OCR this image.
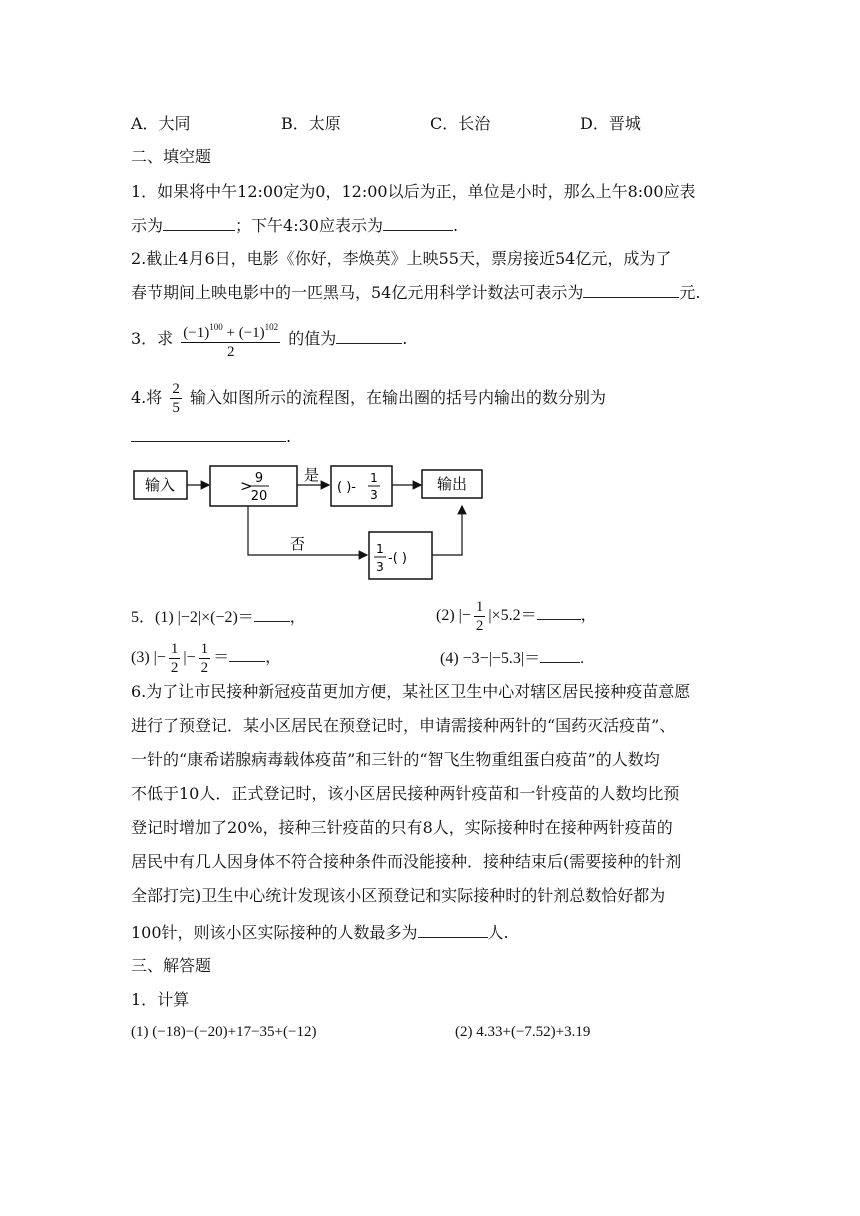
A．大同	B．太原	C．长治	D．晋城
二、填空题
1．如果将中午12:00定为0，12:00以后为正，单位是小时，那么上午8:00应表
示为	；下午4:30应表示为	.
2.截止4月6日，电影《你好，李焕英》上映55天，票房接近54亿元，成为了
春节期间上映电影中的一匹黑马，54亿元用科学计数法可表示为	元.
3．求 $\frac{(-1)^{100} + (-1)^{102}}{2}$ 的值为	.
4.将 $\frac{2}{5}$ 输入如图所示的流程图，在输出圈的括号内输出的数分别为
.
输入	> 9
20
是
( )-
1
3
输出
否	1
3
-( )
5．(1) |−2|×(−2)＝ ，	(2) |− $\frac{1}{2} |\times 5.2=$	，
(3) |− $\frac{1}{2}$ |− $\frac{1}{2}$ ＝ ，	(4) −3−|−5.3|＝	.
6.为了让市民接种新冠疫苗更加方便，某社区卫生中心对辖区居民接种疫苗意愿
进行了预登记．某小区居民在预登记时，申请需接种两针的“国药灭活疫苗”、
一针的“康希诺腺病毒载体疫苗”和三针的“智飞生物重组蛋白疫苗”的人数均
不低于10人．正式登记时，该小区居民接种两针疫苗和一针疫苗的人数均比预
登记时增加了20%，接种三针疫苗的只有8人，实际接种时在接种两针疫苗的
居民中有几人因身体不符合接种条件而没能接种．接种结束后(需要接种的针剂
全部打完)卫生中心统计发现该小区预登记和实际接种时的针剂总数恰好都为
100针，则该小区实际接种的人数最多为	人.
三、解答题
1．计算
(1) (−18)−(−20)+17−35+(−12)	(2) 4.33+(−7.52)+3.19
